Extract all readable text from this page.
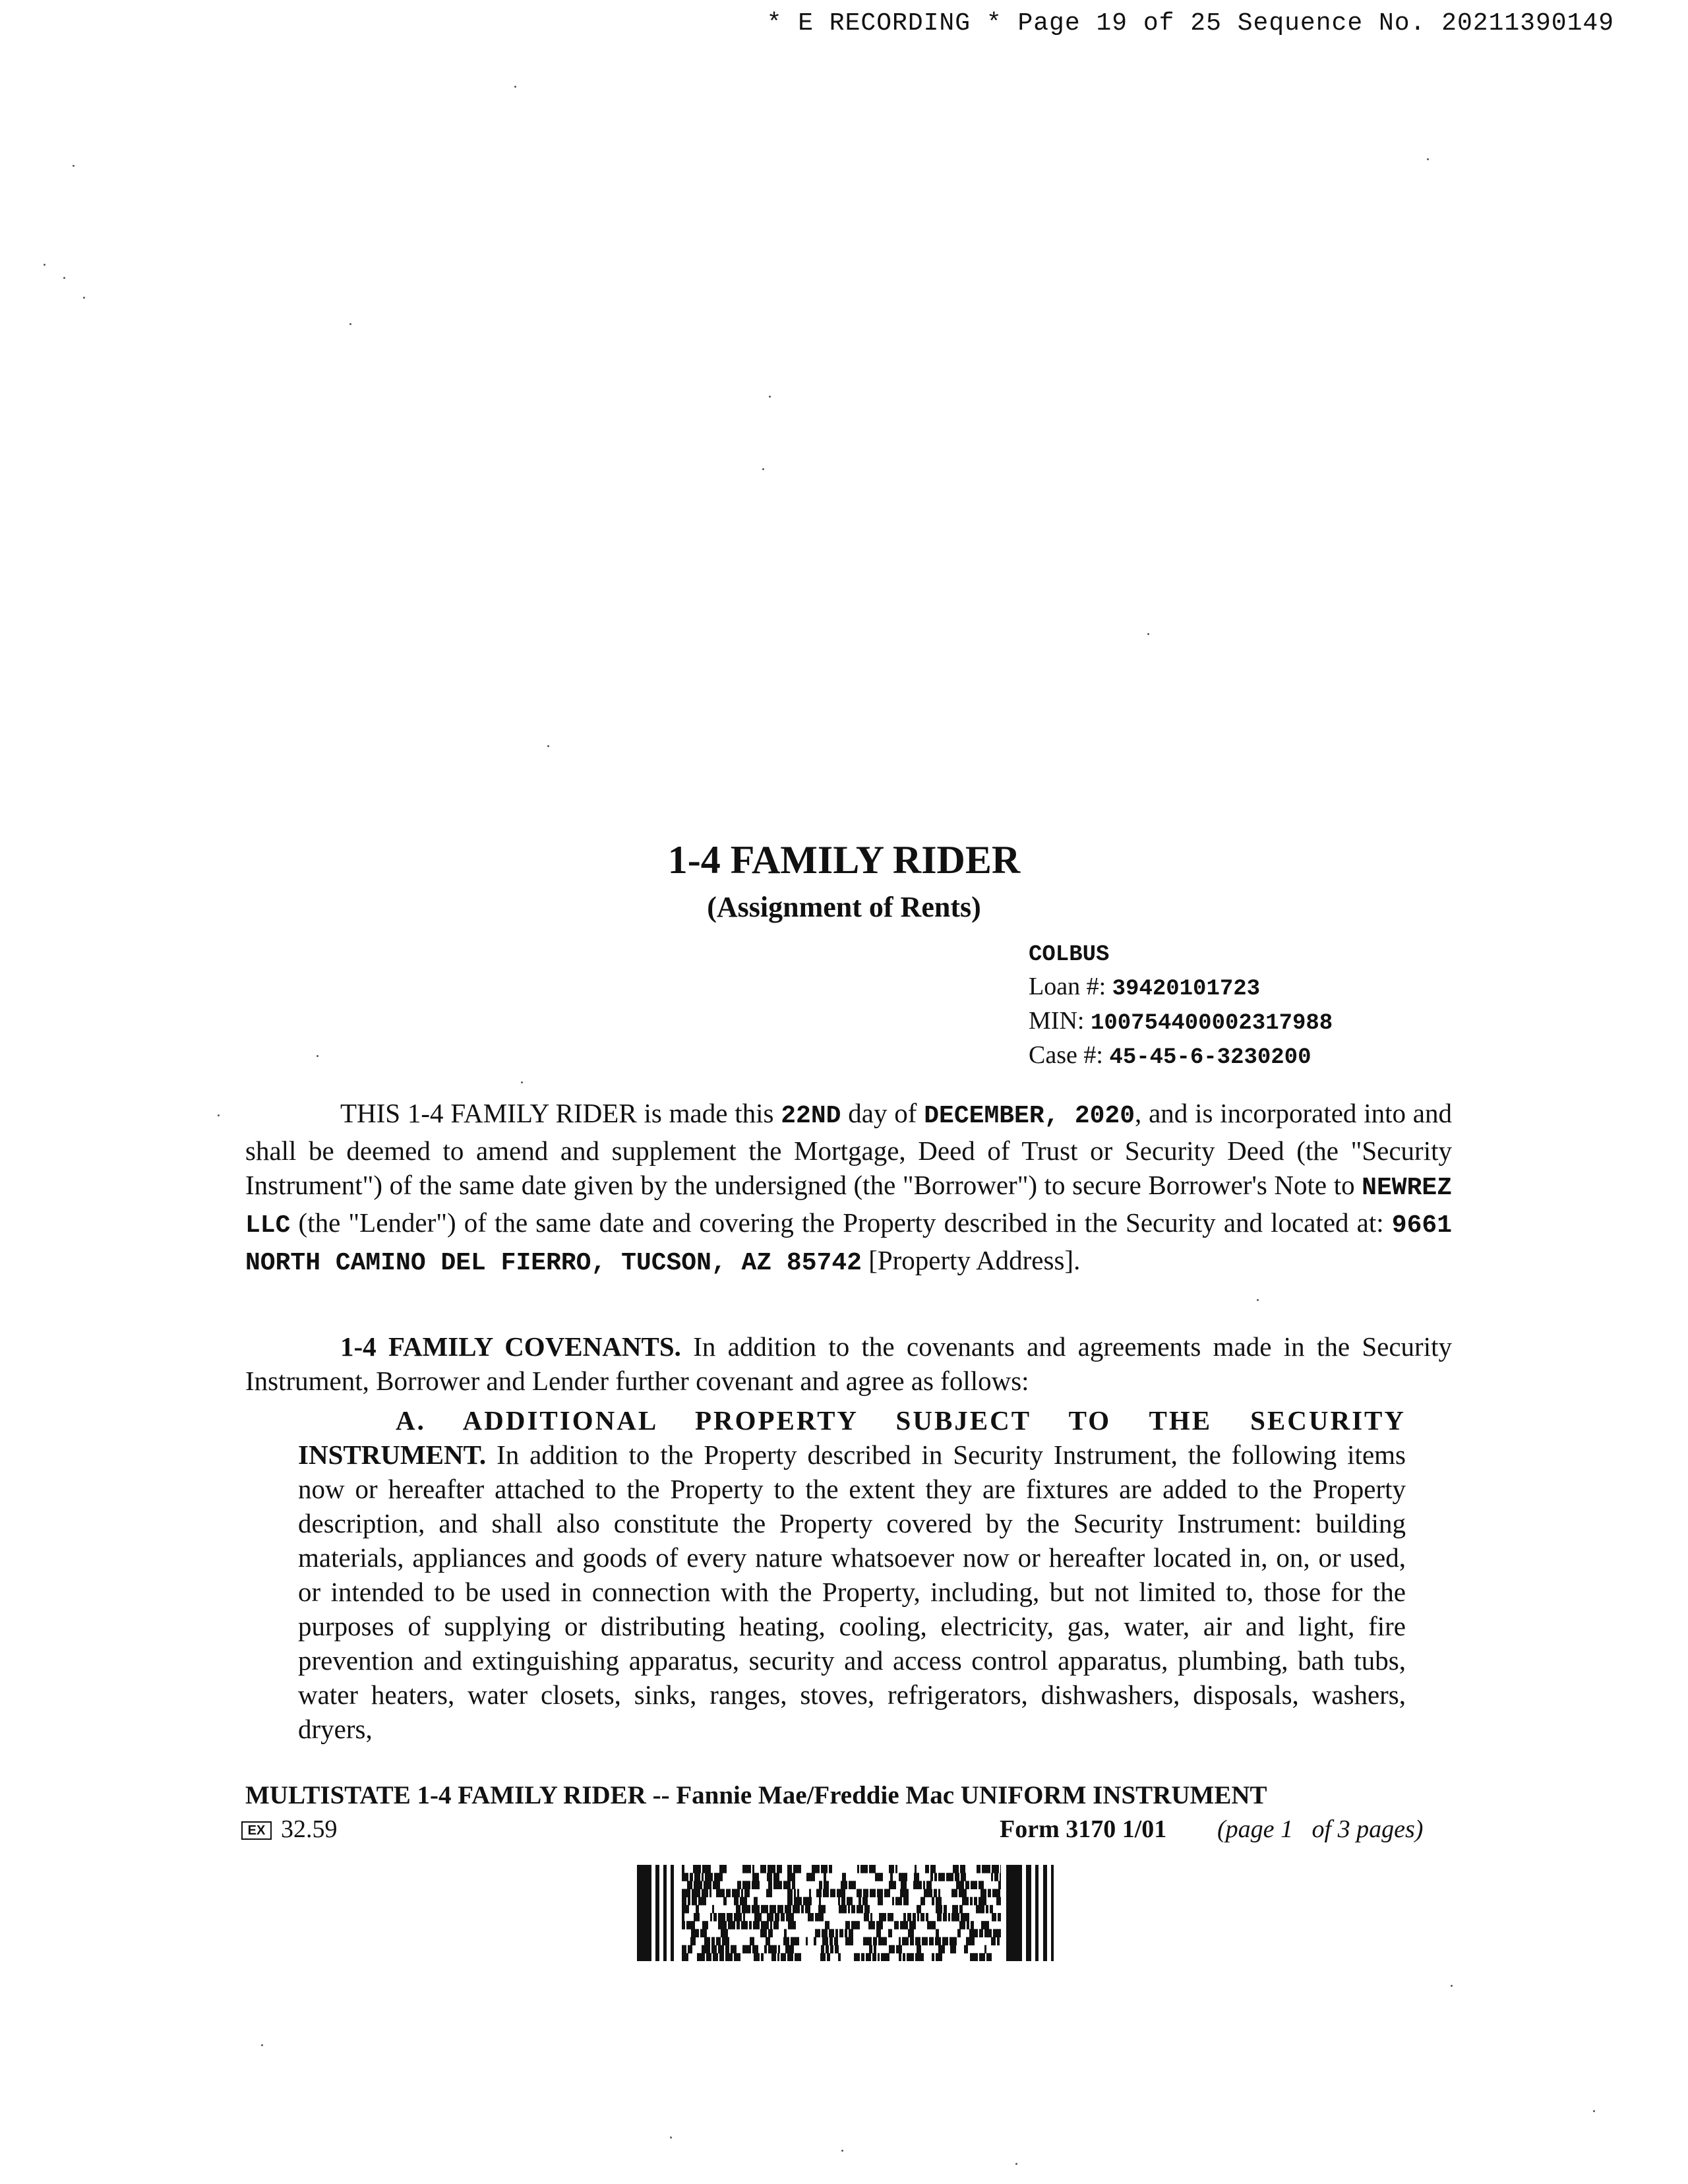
* E RECORDING * Page 19 of 25 Sequence No. 20211390149
1-4 FAMILY RIDER
(Assignment of Rents)
COLBUS
Loan #: 39420101723
MIN: 100754400002317988
Case #: 45-45-6-3230200
THIS 1-4 FAMILY RIDER is made this 22ND day of DECEMBER, 2020, and is incorporated into and shall be deemed to amend and supplement the Mortgage, Deed of Trust or Security Deed (the "Security Instrument") of the same date given by the undersigned (the "Borrower") to secure Borrower's Note to NEWREZ LLC (the "Lender") of the same date and covering the Property described in the Security and located at: 9661 NORTH CAMINO DEL FIERRO, TUCSON, AZ 85742 [Property Address].
1-4 FAMILY COVENANTS. In addition to the covenants and agreements made in the Security Instrument, Borrower and Lender further covenant and agree as follows:
A. ADDITIONAL PROPERTY SUBJECT TO THE SECURITY
INSTRUMENT. In addition to the Property described in Security Instrument, the following items now or hereafter attached to the Property to the extent they are fixtures are added to the Property description, and shall also constitute the Property covered by the Security Instrument: building materials, appliances and goods of every nature whatsoever now or hereafter located in, on, or used, or intended to be used in connection with the Property, including, but not limited to, those for the purposes of supplying or distributing heating, cooling, electricity, gas, water, air and light, fire prevention and extinguishing apparatus, security and access control apparatus, plumbing, bath tubs, water heaters, water closets, sinks, ranges, stoves, refrigerators, dishwashers, disposals, washers, dryers,
MULTISTATE 1-4 FAMILY RIDER -- Fannie Mae/Freddie Mac UNIFORM INSTRUMENT
EX 32.59	Form 3170 1/01 (page 1   of 3 pages)
